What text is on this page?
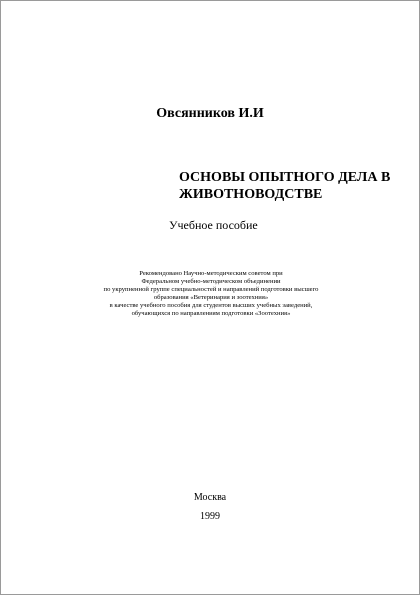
Овсянников И.И

ОСНОВЫ ОПЫТНОГО ДЕЛА В
ЖИВОТНОВОДСТВЕ

Учебное пособие

Рекомендовано Научно-методическим советом при
Федеральном учебно-методическом объединении
по укрупненной группе специальностей и направлений подготовки высшего
образования «Ветеринария и зоотехния»
в качестве учебного пособия для студентов высших учебных заведений,
обучающихся по направлениям подготовки «Зоотехния»

Москва

1999
